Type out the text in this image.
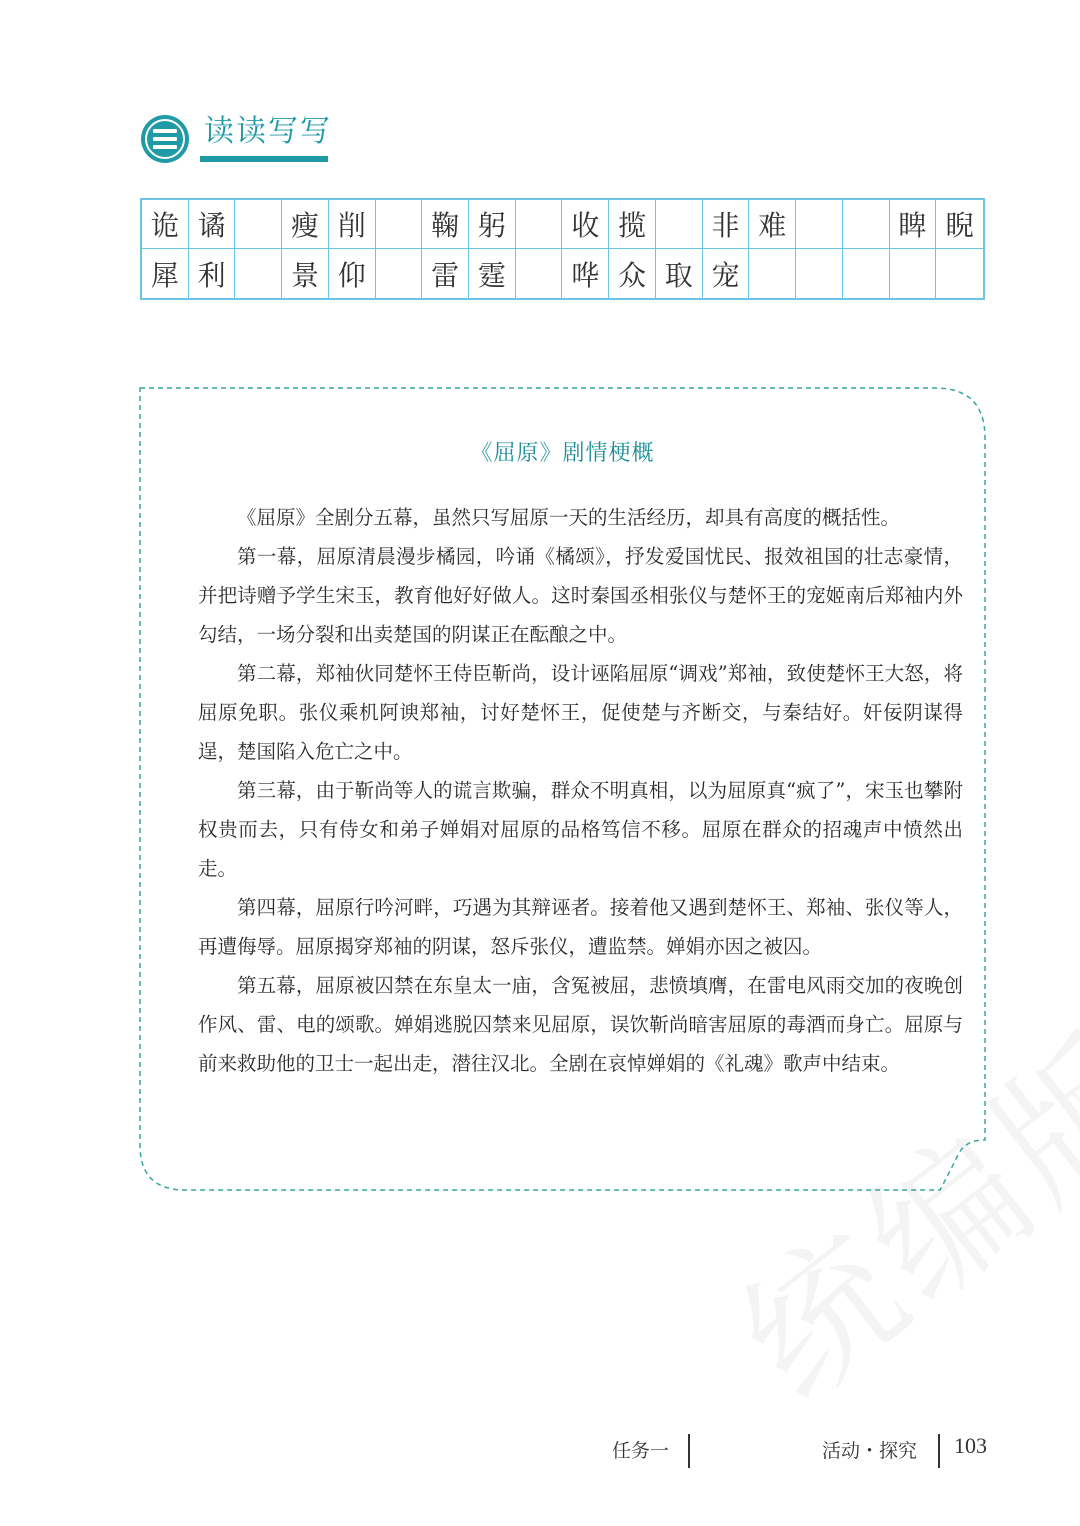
读读写写
诡 谲	瘦 削	鞠 躬	收 揽	非 难	睥 睨
犀 利	景 仰	雷 霆	哗 众 取 宠
《屈原》剧情梗概

《屈原》全剧分五幕，虽然只写屈原一天的生活经历，却具有高度的概括性。

第一幕，屈原清晨漫步橘园，吟诵《橘颂》，抒发爱国忧民、报效祖国的壮志豪情，并把诗赠予学生宋玉，教育他好好做人。这时秦国丞相张仪与楚怀王的宠姬南后郑袖内外勾结，一场分裂和出卖楚国的阴谋正在酝酿之中。

第二幕，郑袖伙同楚怀王侍臣靳尚，设计诬陷屈原“调戏”郑袖，致使楚怀王大怒，将屈原免职。张仪乘机阿谀郑袖，讨好楚怀王，促使楚与齐断交，与秦结好。奸佞阴谋得逞，楚国陷入危亡之中。

第三幕，由于靳尚等人的谎言欺骗，群众不明真相，以为屈原真“疯了”，宋玉也攀附权贵而去，只有侍女和弟子婵娟对屈原的品格笃信不移。屈原在群众的招魂声中愤然出走。

第四幕，屈原行吟河畔，巧遇为其辩诬者。接着他又遇到楚怀王、郑袖、张仪等人，再遭侮辱。屈原揭穿郑袖的阴谋，怒斥张仪，遭监禁。婵娟亦因之被囚。

第五幕，屈原被囚禁在东皇太一庙，含冤被屈，悲愤填膺，在雷电风雨交加的夜晚创作风、雷、电的颂歌。婵娟逃脱囚禁来见屈原，误饮靳尚暗害屈原的毒酒而身亡。屈原与前来救助他的卫士一起出走，潜往汉北。全剧在哀悼婵娟的《礼魂》歌声中结束。

任务一	活动・探究 103
